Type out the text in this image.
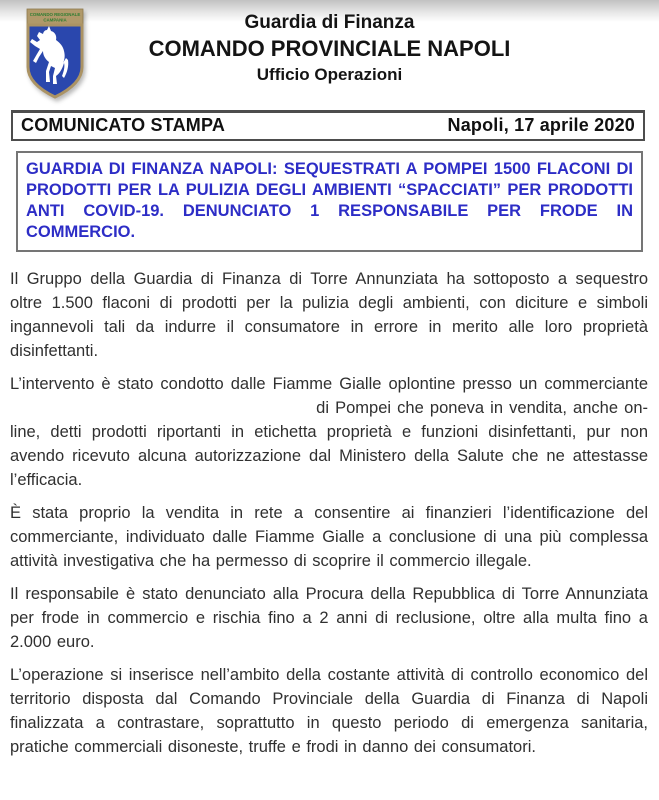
COMANDO REGIONALE
CAMPANIA	Guardia di Finanza
COMANDO PROVINCIALE NAPOLI
Ufficio Operazioni
COMUNICATO STAMPA	Napoli, 17 aprile 2020

GUARDIA DI FINANZA NAPOLI: SEQUESTRATI A POMPEI 1500 FLACONI DI PRODOTTI PER LA PULIZIA DEGLI AMBIENTI “SPACCIATI” PER PRODOTTI ANTI COVID-19. DENUNCIATO 1 RESPONSABILE PER FRODE IN COMMERCIO.

Il Gruppo della Guardia di Finanza di Torre Annunziata ha sottoposto a sequestro oltre 1.500 flaconi di prodotti per la pulizia degli ambienti, con diciture e simboli ingannevoli tali da indurre il consumatore in errore in merito alle loro proprietà disinfettanti.

L’intervento è stato condotto dalle Fiamme Gialle oplontine presso un commerciante  di Pompei che poneva in vendita, anche on-line, detti prodotti riportanti in etichetta proprietà e funzioni disinfettanti, pur non avendo ricevuto alcuna autorizzazione dal Ministero della Salute che ne attestasse l’efficacia.

È stata proprio la vendita in rete a consentire ai finanzieri l’identificazione del commerciante, individuato dalle Fiamme Gialle a conclusione di una più complessa attività investigativa che ha permesso di scoprire il commercio illegale.

Il responsabile è stato denunciato alla Procura della Repubblica di Torre Annunziata per frode in commercio e rischia fino a 2 anni di reclusione, oltre alla multa fino a 2.000 euro.

L’operazione si inserisce nell’ambito della costante attività di controllo economico del territorio disposta dal Comando Provinciale della Guardia di Finanza di Napoli finalizzata a contrastare, soprattutto in questo periodo di emergenza sanitaria, pratiche commerciali disoneste, truffe e frodi in danno dei consumatori.
